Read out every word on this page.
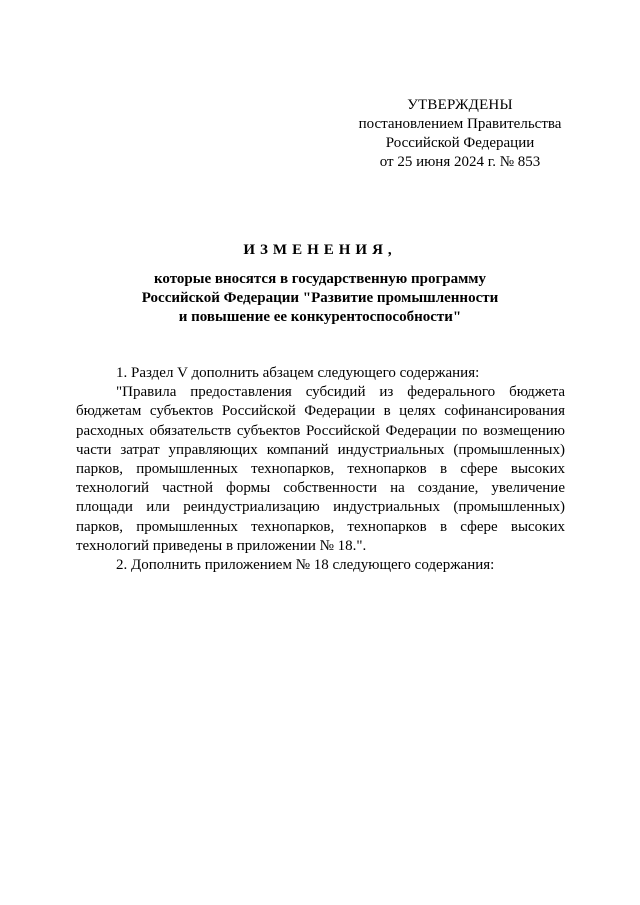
УТВЕРЖДЕНЫ
постановлением Правительства
Российской Федерации
от 25 июня 2024 г. № 853
ИЗМЕНЕНИЯ,
которые вносятся в государственную программу
Российской Федерации "Развитие промышленности
и повышение ее конкурентоспособности"

1. Раздел V дополнить абзацем следующего содержания:

"Правила предоставления субсидий из федерального бюджета бюджетам субъектов Российской Федерации в целях софинансирования расходных обязательств субъектов Российской Федерации по возмещению части затрат управляющих компаний индустриальных (промышленных) парков, промышленных технопарков, технопарков в сфере высоких технологий частной формы собственности на создание, увеличение площади или реиндустриализацию индустриальных (промышленных) парков, промышленных технопарков, технопарков в сфере высоких технологий приведены в приложении № 18.".

2. Дополнить приложением № 18 следующего содержания:
